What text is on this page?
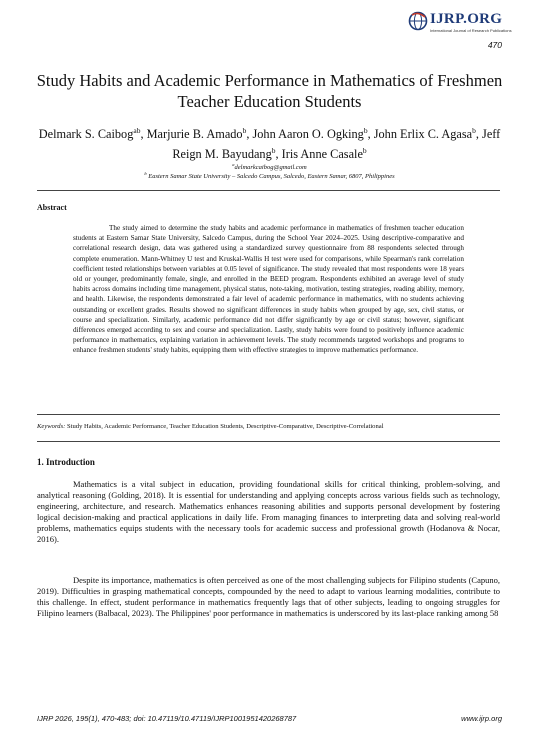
IJRP.ORG
International Journal of Research Publications
470
Study Habits and Academic Performance in Mathematics of Freshmen Teacher Education Students
Delmark S. Caibog$^{ab}$, Marjurie B. Amado$^b$, John Aaron O. Ogking$^b$, John Erlix C. Agasa$^b$, Jeff Reign M. Bayudang$^b$, Iris Anne Casale$^b$
$^a$delmarkcaibog@gmail.com
$^b$ Eastern Samar State University – Salcedo Campus, Salcedo, Eastern Samar, 6807, Philippines
Abstract

The study aimed to determine the study habits and academic performance in mathematics of freshmen teacher education students at Eastern Samar State University, Salcedo Campus, during the School Year 2024–2025. Using descriptive-comparative and correlational research design, data was gathered using a standardized survey questionnaire from 88 respondents selected through complete enumeration. Mann-Whitney U test and Kruskal-Wallis H test were used for comparisons, while Spearman's rank correlation coefficient tested relationships between variables at 0.05 level of significance. The study revealed that most respondents were 18 years old or younger, predominantly female, single, and enrolled in the BEED program. Respondents exhibited an average level of study habits across domains including time management, physical status, note-taking, motivation, testing strategies, reading ability, memory, and health. Likewise, the respondents demonstrated a fair level of academic performance in mathematics, with no students achieving outstanding or excellent grades. Results showed no significant differences in study habits when grouped by age, sex, civil status, or course and specialization. Similarly, academic performance did not differ significantly by age or civil status; however, significant differences emerged according to sex and course and specialization. Lastly, study habits were found to positively influence academic performance in mathematics, explaining variation in achievement levels. The study recommends targeted workshops and programs to enhance freshmen students' study habits, equipping them with effective strategies to improve mathematics performance.

Keywords: Study Habits, Academic Performance, Teacher Education Students, Descriptive-Comparative, Descriptive-Correlational
1. Introduction

Mathematics is a vital subject in education, providing foundational skills for critical thinking, problem-solving, and analytical reasoning (Golding, 2018). It is essential for understanding and applying concepts across various fields such as technology, engineering, architecture, and research. Mathematics enhances reasoning abilities and supports personal development by fostering logical decision-making and practical applications in daily life. From managing finances to interpreting data and solving real-world problems, mathematics equips students with the necessary tools for academic success and professional growth (Hodanova & Nocar, 2016).

Despite its importance, mathematics is often perceived as one of the most challenging subjects for Filipino students (Capuno, 2019). Difficulties in grasping mathematical concepts, compounded by the need to adapt to various learning modalities, contribute to this challenge. In effect, student performance in mathematics frequently lags that of other subjects, leading to ongoing struggles for Filipino learners (Balbacal, 2023). The Philippines' poor performance in mathematics is underscored by its last-place ranking among 58

IJRP 2026, 195(1), 470-483; doi: 10.47119/10.47119/IJRP1001951420268787	www.ijrp.org
